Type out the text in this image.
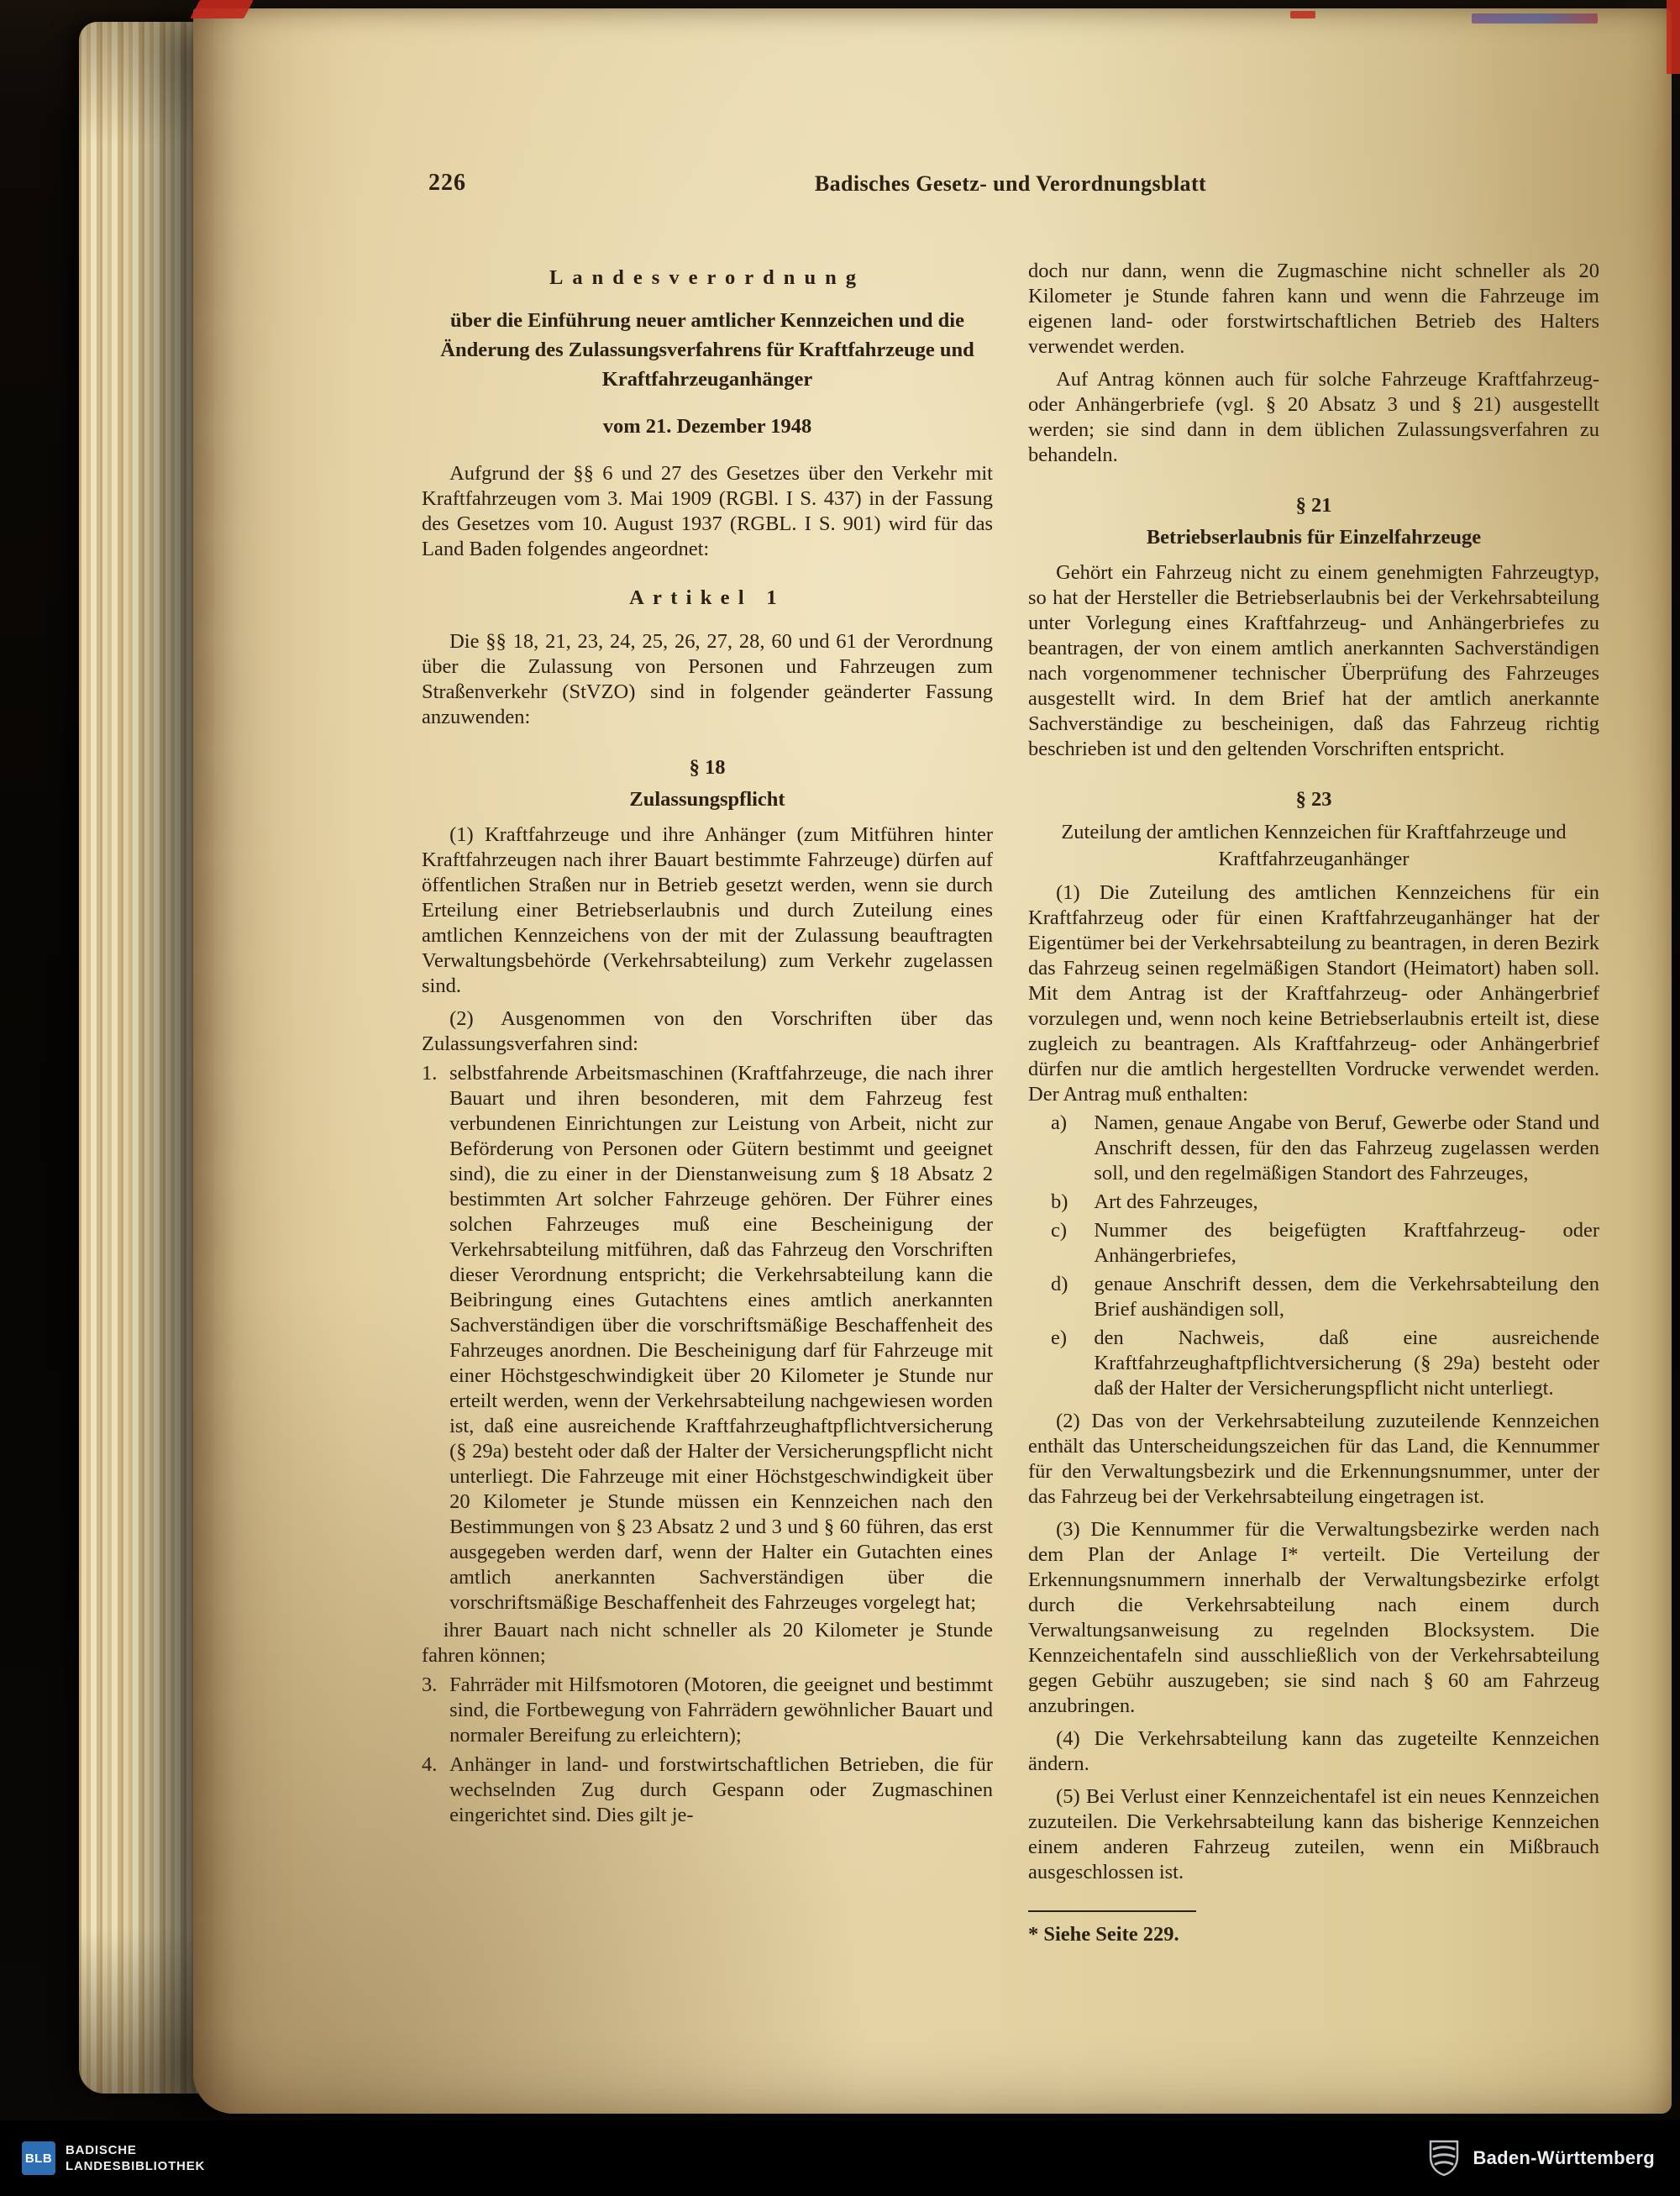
226	Badisches Gesetz- und Verordnungsblatt
Landesverordnung
über die Einführung neuer amtlicher Kennzeichen und die Änderung des Zulassungsverfahrens für Kraftfahrzeuge und Kraftfahrzeuganhänger
vom 21. Dezember 1948
Aufgrund der §§ 6 und 27 des Gesetzes über den Verkehr mit Kraftfahrzeugen vom 3. Mai 1909 (RGBl. I S. 437) in der Fassung des Gesetzes vom 10. August 1937 (RGBL. I S. 901) wird für das Land Baden folgendes angeordnet:
Artikel 1
Die §§ 18, 21, 23, 24, 25, 26, 27, 28, 60 und 61 der Verordnung über die Zulassung von Personen und Fahrzeugen zum Straßenverkehr (StVZO) sind in folgender geänderter Fassung anzuwenden:
§ 18
Zulassungspflicht
(1) Kraftfahrzeuge und ihre Anhänger (zum Mitführen hinter Kraftfahrzeugen nach ihrer Bauart bestimmte Fahrzeuge) dürfen auf öffentlichen Straßen nur in Betrieb gesetzt werden, wenn sie durch Erteilung einer Betriebserlaubnis und durch Zuteilung eines amtlichen Kennzeichens von der mit der Zulassung beauftragten Verwaltungsbehörde (Verkehrsabteilung) zum Verkehr zugelassen sind.
(2) Ausgenommen von den Vorschriften über das Zulassungsverfahren sind:
1. selbstfahrende Arbeitsmaschinen (Kraftfahrzeuge, die nach ihrer Bauart und ihren besonderen, mit dem Fahrzeug fest verbundenen Einrichtungen zur Leistung von Arbeit, nicht zur Beförderung von Personen oder Gütern bestimmt und geeignet sind), die zu einer in der Dienstanweisung zum § 18 Absatz 2 bestimmten Art solcher Fahrzeuge gehören. Der Führer eines solchen Fahrzeuges muß eine Bescheinigung der Verkehrsabteilung mitführen, daß das Fahrzeug den Vorschriften dieser Verordnung entspricht; die Verkehrsabteilung kann die Beibringung eines Gutachtens eines amtlich anerkannten Sachverständigen über die vorschriftsmäßige Beschaffenheit des Fahrzeuges anordnen. Die Bescheinigung darf für Fahrzeuge mit einer Höchstgeschwindigkeit über 20 Kilometer je Stunde nur erteilt werden, wenn der Verkehrsabteilung nachgewiesen worden ist, daß eine ausreichende Kraftfahrzeughaftpflichtversicherung (§ 29a) besteht oder daß der Halter der Versicherungspflicht nicht unterliegt. Die Fahrzeuge mit einer Höchstgeschwindigkeit über 20 Kilometer je Stunde müssen ein Kennzeichen nach den Bestimmungen von § 23 Absatz 2 und 3 und § 60 führen, das erst ausgegeben werden darf, wenn der Halter ein Gutachten eines amtlich anerkannten Sachverständigen über die vorschriftsmäßige Beschaffenheit des Fahrzeuges vorgelegt hat;
ihrer Bauart nach nicht schneller als 20 Kilometer je Stunde fahren können;
3. Fahrräder mit Hilfsmotoren (Motoren, die geeignet und bestimmt sind, die Fortbewegung von Fahrrädern gewöhnlicher Bauart und normaler Bereifung zu erleichtern);
4. Anhänger in land- und forstwirtschaftlichen Betrieben, die für wechselnden Zug durch Gespann oder Zugmaschinen eingerichtet sind. Dies gilt je-
doch nur dann, wenn die Zugmaschine nicht schneller als 20 Kilometer je Stunde fahren kann und wenn die Fahrzeuge im eigenen land- oder forstwirtschaftlichen Betrieb des Halters verwendet werden.
Auf Antrag können auch für solche Fahrzeuge Kraftfahrzeug- oder Anhängerbriefe (vgl. § 20 Absatz 3 und § 21) ausgestellt werden; sie sind dann in dem üblichen Zulassungsverfahren zu behandeln.
§ 21
Betriebserlaubnis für Einzelfahrzeuge
Gehört ein Fahrzeug nicht zu einem genehmigten Fahrzeugtyp, so hat der Hersteller die Betriebserlaubnis bei der Verkehrsabteilung unter Vorlegung eines Kraftfahrzeug- und Anhängerbriefes zu beantragen, der von einem amtlich anerkannten Sachverständigen nach vorgenommener technischer Überprüfung des Fahrzeuges ausgestellt wird. In dem Brief hat der amtlich anerkannte Sachverständige zu bescheinigen, daß das Fahrzeug richtig beschrieben ist und den geltenden Vorschriften entspricht.
§ 23
Zuteilung der amtlichen Kennzeichen für Kraftfahrzeuge und Kraftfahrzeuganhänger
(1) Die Zuteilung des amtlichen Kennzeichens für ein Kraftfahrzeug oder für einen Kraftfahrzeuganhänger hat der Eigentümer bei der Verkehrsabteilung zu beantragen, in deren Bezirk das Fahrzeug seinen regelmäßigen Standort (Heimatort) haben soll. Mit dem Antrag ist der Kraftfahrzeug- oder Anhängerbrief vorzulegen und, wenn noch keine Betriebserlaubnis erteilt ist, diese zugleich zu beantragen. Als Kraftfahrzeug- oder Anhängerbrief dürfen nur die amtlich hergestellten Vordrucke verwendet werden. Der Antrag muß enthalten:
a) Namen, genaue Angabe von Beruf, Gewerbe oder Stand und Anschrift dessen, für den das Fahrzeug zugelassen werden soll, und den regelmäßigen Standort des Fahrzeuges,
b) Art des Fahrzeuges,
c) Nummer des beigefügten Kraftfahrzeug- oder Anhängerbriefes,
d) genaue Anschrift dessen, dem die Verkehrsabteilung den Brief aushändigen soll,
e) den Nachweis, daß eine ausreichende Kraftfahrzeughaftpflichtversicherung (§ 29a) besteht oder daß der Halter der Versicherungspflicht nicht unterliegt.
(2) Das von der Verkehrsabteilung zuzuteilende Kennzeichen enthält das Unterscheidungszeichen für das Land, die Kennummer für den Verwaltungsbezirk und die Erkennungsnummer, unter der das Fahrzeug bei der Verkehrsabteilung eingetragen ist.
(3) Die Kennummer für die Verwaltungsbezirke werden nach dem Plan der Anlage I* verteilt. Die Verteilung der Erkennungsnummern innerhalb der Verwaltungsbezirke erfolgt durch die Verkehrsabteilung nach einem durch Verwaltungsanweisung zu regelnden Blocksystem. Die Kennzeichentafeln sind ausschließlich von der Verkehrsabteilung gegen Gebühr auszugeben; sie sind nach § 60 am Fahrzeug anzubringen.
(4) Die Verkehrsabteilung kann das zugeteilte Kennzeichen ändern.
(5) Bei Verlust einer Kennzeichentafel ist ein neues Kennzeichen zuzuteilen. Die Verkehrsabteilung kann das bisherige Kennzeichen einem anderen Fahrzeug zuteilen, wenn ein Mißbrauch ausgeschlossen ist.
* Siehe Seite 229.
BLB
BADISCHE
LANDESBIBLIOTHEK	Baden-Württemberg
